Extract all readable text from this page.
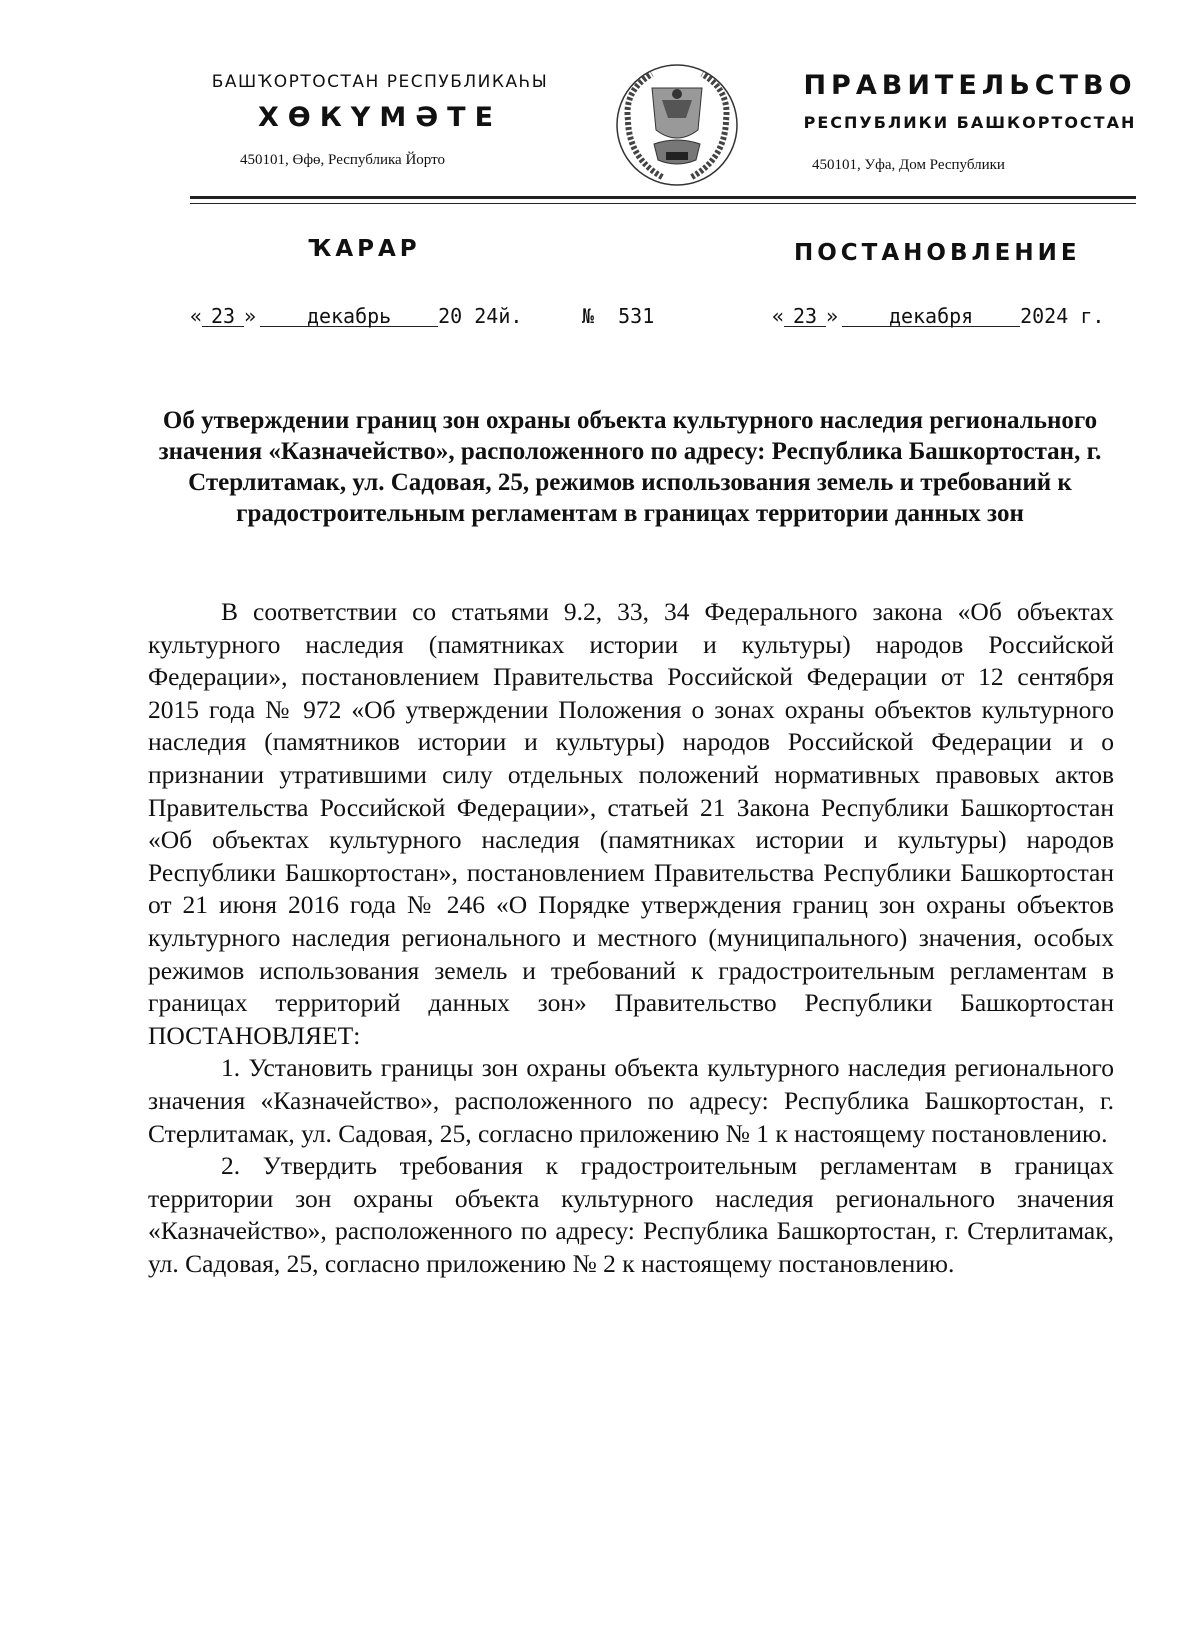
БАШҠОРТОСТАН РЕСПУБЛИКАҺЫ
ХӨКҮМӘТЕ
450101, Өфө, Республика Йорто
ПРАВИТЕЛЬСТВО
РЕСПУБЛИКИ БАШКОРТОСТАН
450101, Уфа, Дом Республики
ҠАРАР	ПОСТАНОВЛЕНИЕ
« 23 »	декабрь 20 24й.	№ 531	« 23 »	декабря 2024 г.
Об утверждении границ зон охраны объекта культурного наследия регионального значения «Казначейство», расположенного по адресу: Республика Башкортостан, г. Стерлитамак, ул. Садовая, 25, режимов использования земель и требований к градостроительным регламентам в границах территории данных зон

В соответствии со статьями 9.2, 33, 34 Федерального закона «Об объектах культурного наследия (памятниках истории и культуры) народов Российской Федерации», постановлением Правительства Российской Федерации от 12 сентября 2015 года № 972 «Об утверждении Положения о зонах охраны объектов культурного наследия (памятников истории и культуры) народов Российской Федерации и о признании утратившими силу отдельных положений нормативных правовых актов Правительства Российской Федерации», статьей 21 Закона Республики Башкортостан «Об объектах культурного наследия (памятниках истории и культуры) народов Республики Башкортостан», постановлением Правительства Республики Башкортостан от 21 июня 2016 года № 246 «О Порядке утверждения границ зон охраны объектов культурного наследия регионального и местного (муниципального) значения, особых режимов использования земель и требований к градостроительным регламентам в границах территорий данных зон» Правительство Республики Башкортостан ПОСТАНОВЛЯЕТ:

1. Установить границы зон охраны объекта культурного наследия регионального значения «Казначейство», расположенного по адресу: Республика Башкортостан, г. Стерлитамак, ул. Садовая, 25, согласно приложению № 1 к настоящему постановлению.

2. Утвердить требования к градостроительным регламентам в границах территории зон охраны объекта культурного наследия регионального значения «Казначейство», расположенного по адресу: Республика Башкортостан, г. Стерлитамак, ул. Садовая, 25, согласно приложению № 2 к настоящему постановлению.
